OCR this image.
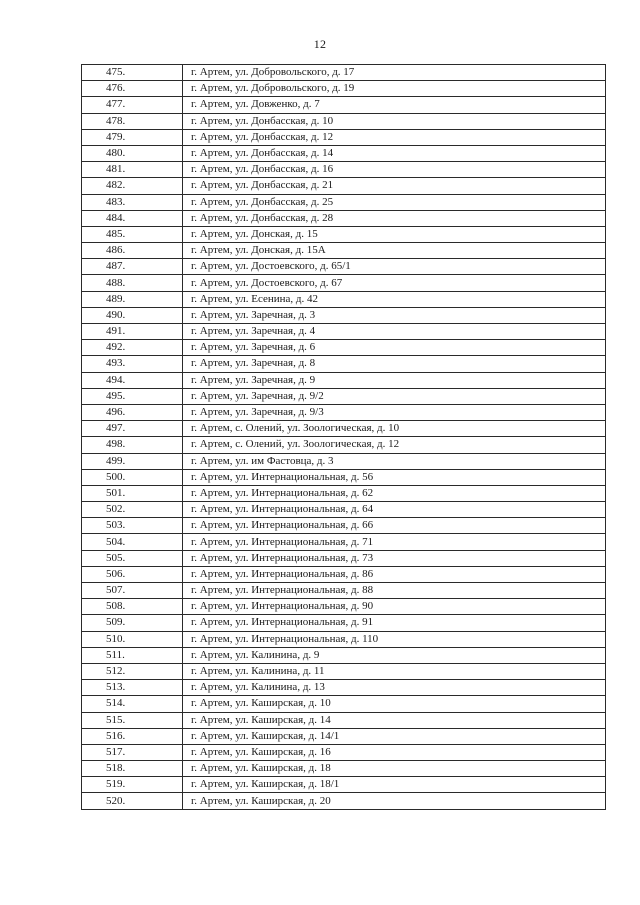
12
475.	г. Артем, ул. Добровольского, д. 17
476.	г. Артем, ул. Добровольского, д. 19
477.	г. Артем, ул. Довженко, д. 7
478.	г. Артем, ул. Донбасская, д. 10
479.	г. Артем, ул. Донбасская, д. 12
480.	г. Артем, ул. Донбасская, д. 14
481.	г. Артем, ул. Донбасская, д. 16
482.	г. Артем, ул. Донбасская, д. 21
483.	г. Артем, ул. Донбасская, д. 25
484.	г. Артем, ул. Донбасская, д. 28
485.	г. Артем, ул. Донская, д. 15
486.	г. Артем, ул. Донская, д. 15А
487.	г. Артем, ул. Достоевского, д. 65/1
488.	г. Артем, ул. Достоевского, д. 67
489.	г. Артем, ул. Есенина, д. 42
490.	г. Артем, ул. Заречная, д. 3
491.	г. Артем, ул. Заречная, д. 4
492.	г. Артем, ул. Заречная, д. 6
493.	г. Артем, ул. Заречная, д. 8
494.	г. Артем, ул. Заречная, д. 9
495.	г. Артем, ул. Заречная, д. 9/2
496.	г. Артем, ул. Заречная, д. 9/3
497.	г. Артем, с. Олений, ул. Зоологическая, д. 10
498.	г. Артем, с. Олений, ул. Зоологическая, д. 12
499.	г. Артем, ул. им Фастовца, д. 3
500.	г. Артем, ул. Интернациональная, д. 56
501.	г. Артем, ул. Интернациональная, д. 62
502.	г. Артем, ул. Интернациональная, д. 64
503.	г. Артем, ул. Интернациональная, д. 66
504.	г. Артем, ул. Интернациональная, д. 71
505.	г. Артем, ул. Интернациональная, д. 73
506.	г. Артем, ул. Интернациональная, д. 86
507.	г. Артем, ул. Интернациональная, д. 88
508.	г. Артем, ул. Интернациональная, д. 90
509.	г. Артем, ул. Интернациональная, д. 91
510.	г. Артем, ул. Интернациональная, д. 110
511.	г. Артем, ул. Калинина, д. 9
512.	г. Артем, ул. Калинина, д. 11
513.	г. Артем, ул. Калинина, д. 13
514.	г. Артем, ул. Каширская, д. 10
515.	г. Артем, ул. Каширская, д. 14
516.	г. Артем, ул. Каширская, д. 14/1
517.	г. Артем, ул. Каширская, д. 16
518.	г. Артем, ул. Каширская, д. 18
519.	г. Артем, ул. Каширская, д. 18/1
520.	г. Артем, ул. Каширская, д. 20
